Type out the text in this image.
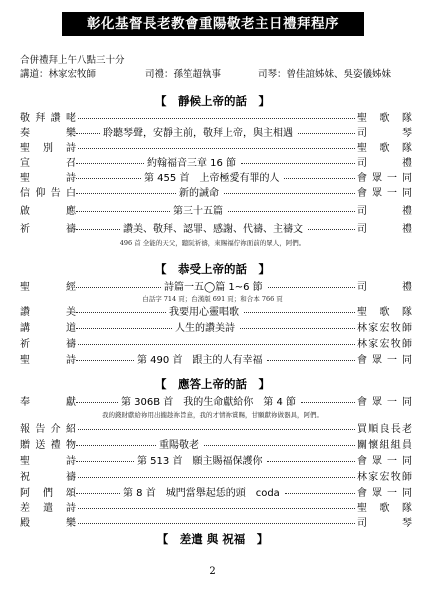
彰化基督長老教會重陽敬老主日禮拜程序
合併禮拜上午八點三十分
講道：林家宏牧師	司禮：孫笙超執事	司琴：曾佳誼姊妹、吳姿儀姊妹
【　靜候上帝的話　】
敬拜讚咾	聖　歌　隊
奏　　樂	聆聽琴聲，安靜主前，敬拜上帝，與主相遇	司　　琴
聖　別　詩	聖　歌　隊
宣　　召	約翰福音三章 16 節	司　　禮
聖　　詩	第 455 首　上帝極愛有罪的人	會 眾 一 同
信仰告白	新的誡命	會 眾 一 同
啟　　應	第三十五篇	司　　禮
祈　　禱	讚美、敬拜、認罪、感謝、代禱、主禱文	司　　禮
496 首 全能的天父，聽阮祈禱，來賜福佇祢面前的眾人，阿們。
【　恭受上帝的話　】
聖　　經	詩篇一五◯篇 1~6 節	司　　禮
白話字 714 頁；台漢版 691 頁；和合本 766 頁
讚　　美	我要用心靈唱歌	聖　歌　隊
講　　道	人生的讚美詩	林家宏牧師
祈　　禱	林家宏牧師
聖　　詩	第 490 首　跟主的人有幸福	會 眾 一 同
【　應答上帝的話　】
奉　　獻	第 306B 首　我的生命獻給你　第 4 節	會 眾 一 同
我的錢財獻給祢用出攏趁祢旨意，我的才情祢賞賜，甘願獻祢做器具，阿們。
報告介紹	買順良長老
贈送禮物	重陽敬老	關懷組組員
聖　　詩	第 513 首　願主賜福保護你	會 眾 一 同
祝　　禱	林家宏牧師
阿 們 頌	第 8 首　城門當舉起恁的頭　coda	會 眾 一 同
差遣詩	聖　歌　隊
殿　　樂	司　　琴
【　差遣 與 祝福　】
2
